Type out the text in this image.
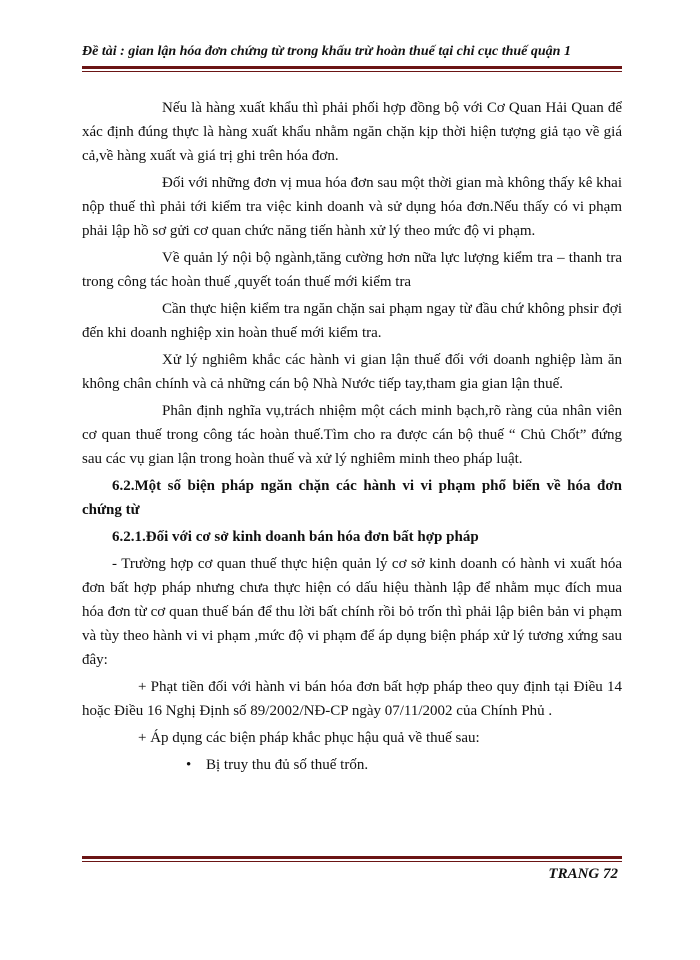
Đề tài : gian lận hóa đơn chứng từ trong khấu trừ hoàn thuế tại chi cục thuế quận 1

Nếu là hàng xuất khẩu thì phải phối hợp đồng bộ với Cơ Quan Hải Quan để xác định đúng thực là hàng xuất khẩu nhằm ngăn chặn kịp thời hiện tượng giả tạo về giá cả,về hàng xuất và giá trị ghi trên hóa đơn.

Đối với những đơn vị mua hóa đơn sau một thời gian mà không thấy kê khai nộp thuế thì phải tới kiểm tra việc kinh doanh và sử dụng hóa đơn.Nếu thấy có vi phạm phải lập hồ sơ gửi cơ quan chức năng tiến hành xử lý theo mức độ vi phạm.

Về quản lý nội bộ ngành,tăng cường hơn nữa lực lượng kiểm tra – thanh tra trong công tác hoàn thuế ,quyết toán thuế mới kiểm tra

Cần thực hiện kiểm tra ngăn chặn sai phạm ngay từ đầu chứ không phsir đợi đến khi doanh nghiệp xin hoàn thuế mới kiểm tra.

Xử lý nghiêm khắc các hành vi gian lận thuế đối với doanh nghiệp làm ăn không chân chính và cả những cán bộ Nhà Nước tiếp tay,tham gia gian lận thuế.

Phân định nghĩa vụ,trách nhiệm một cách minh bạch,rõ ràng của nhân viên cơ quan thuế trong công tác hoàn thuế.Tìm cho ra được cán bộ thuế “ Chủ Chốt” đứng sau các vụ gian lận trong hoàn thuế và xử lý nghiêm minh theo pháp luật.

6.2.Một số biện pháp ngăn chặn các hành vi vi phạm phổ biến về hóa đơn chứng từ

6.2.1.Đối với cơ sở kinh doanh bán hóa đơn bất hợp pháp

- Trường hợp cơ quan thuế thực hiện quản lý cơ sở kinh doanh có hành vi xuất hóa đơn bất hợp pháp nhưng chưa thực hiện có dấu hiệu thành lập để nhằm mục đích mua hóa đơn từ cơ quan thuế bán để thu lời bất chính rồi bỏ trốn thì phải lập biên bản vi phạm và tùy theo hành vi vi phạm ,mức độ vi phạm để áp dụng biện pháp xử lý tương xứng sau đây:

+ Phạt tiền đối với hành vi bán hóa đơn bất hợp pháp theo quy định tại Điều 14 hoặc Điều 16 Nghị Định số 89/2002/NĐ-CP ngày 07/11/2002 của Chính Phủ .

+ Áp dụng các biện pháp khắc phục hậu quả về thuế sau:

• Bị truy thu đủ số thuế trốn.
TRANG 72
